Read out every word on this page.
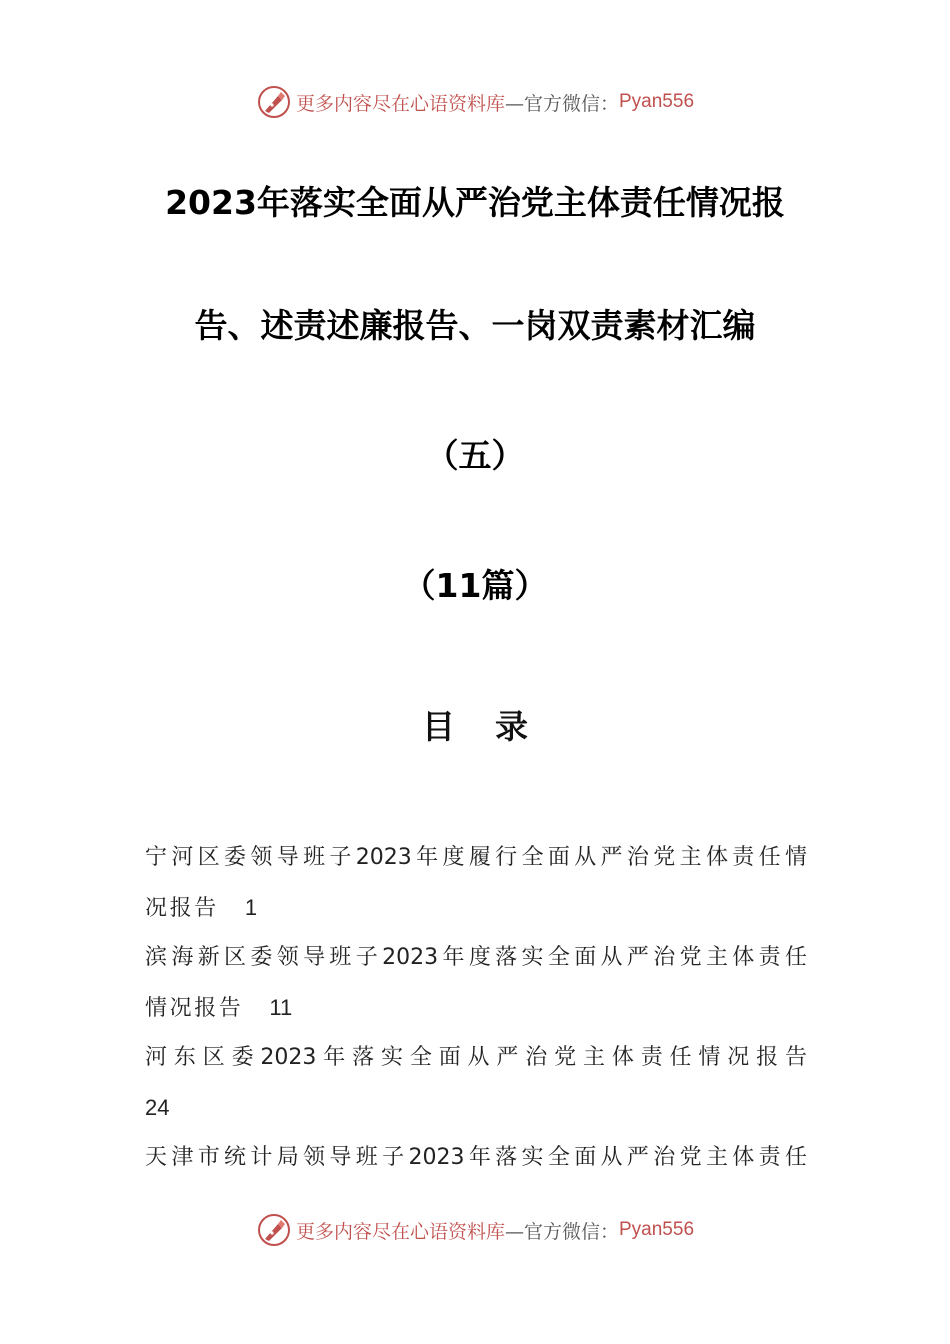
更多内容尽在心语资料库 —官方微信： Pyan556
2023年落实全面从严治党主体责任情况报
告、述责述廉报告、一岗双责素材汇编
（五）
（11篇）
目录
宁河区委领导班子2023年度履行全面从严治党主体责任情
况报告 1
滨海新区委领导班子2023年度落实全面从严治党主体责任
情况报告 11
河东区委2023年落实全面从严治党主体责任情况报告
24
天津市统计局领导班子2023年落实全面从严治党主体责任
更多内容尽在心语资料库 —官方微信： Pyan556
